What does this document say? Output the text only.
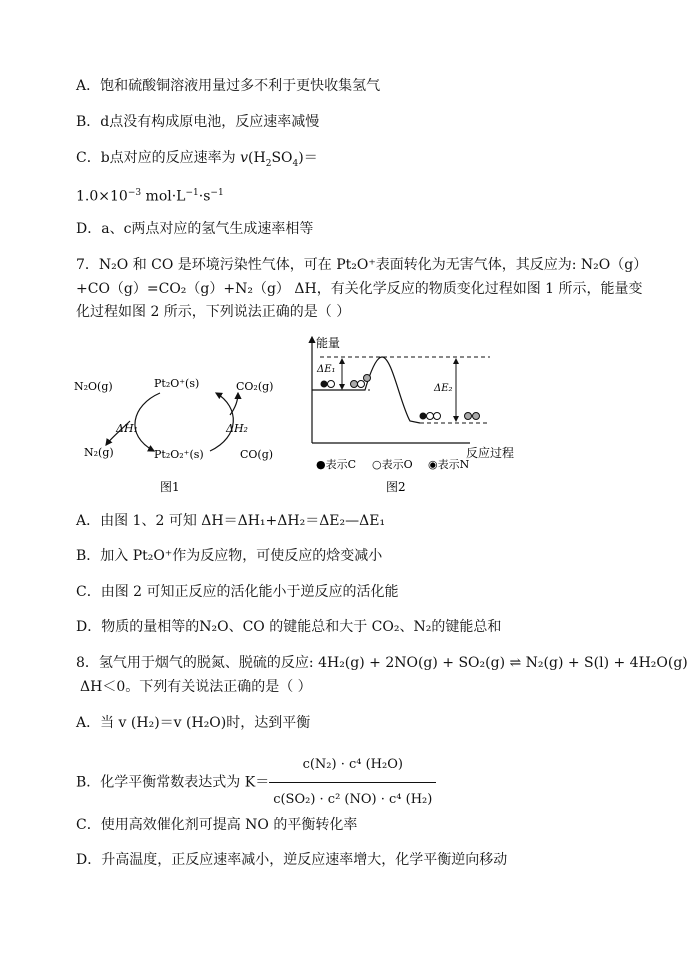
A．饱和硫酸铜溶液用量过多不利于更快收集氢气
B．d点没有构成原电池，反应速率减慢
C．b点对应的反应速率为 $v(H_2SO_4)=$
$1.0\times 10^{-3}$ $mol\cdot L^{-1}\cdot s^{-1}$
D．a、c两点对应的氢气生成速率相等
7．N₂O 和 CO 是环境污染性气体，可在 Pt₂O⁺表面转化为无害气体，其反应为: N₂O（g）
+CO（g）=CO₂（g）+N₂（g） ΔH，有关化学反应的物质变化过程如图 1 所示，能量变
化过程如图 2 所示，下列说法正确的是（ ）
N₂O(g)	Pt₂O⁺(s)	CO₂(g)
ΔH₁	ΔH₂
N₂(g)	Pt₂O₂⁺(s)	CO(g)
图1
能量
反应过程
ΔE₁
ΔE₂
●表示C ○表示O ◉表示N
图2
A．由图 1、2 可知 ΔH＝ΔH₁+ΔH₂＝ΔE₂—ΔE₁
B．加入 Pt₂O⁺作为反应物，可使反应的焓变减小
C．由图 2 可知正反应的活化能小于逆反应的活化能
D．物质的量相等的N₂O、CO 的键能总和大于 CO₂、N₂的键能总和
8．氢气用于烟气的脱氮、脱硫的反应: 4H₂(g) + 2NO(g) + SO₂(g) ⇌ N₂(g) + S(l) + 4H₂O(g)
ΔH＜0。下列有关说法正确的是（ ）
A．当 v (H₂)＝v (H₂O)时，达到平衡
B．化学平衡常数表达式为 $K= \frac{\text{c(N₂) · c⁴ (H₂O)}}{\text{c(SO₂) · c² (NO) · c⁴ (H₂)}}$
C．使用高效催化剂可提高 NO 的平衡转化率
D．升高温度，正反应速率减小，逆反应速率增大，化学平衡逆向移动
